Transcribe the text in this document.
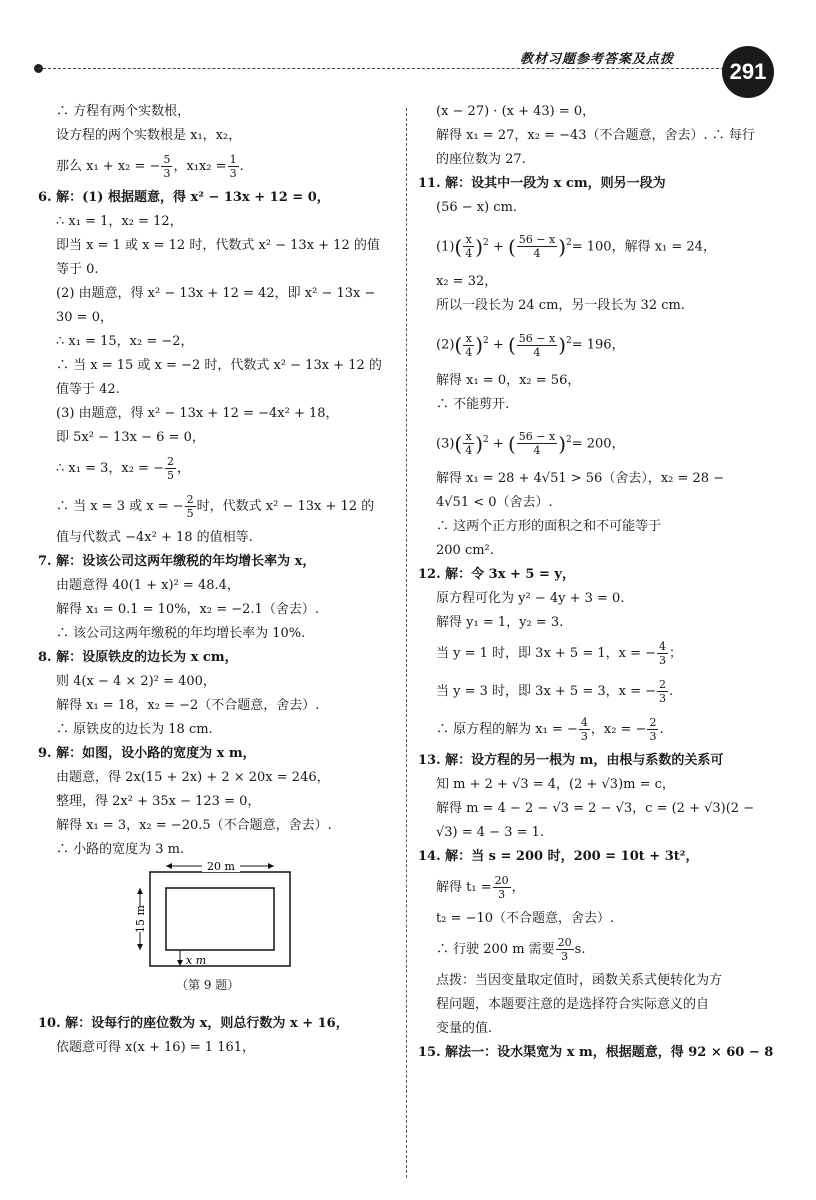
教材习题参考答案及点拨	291
∴ 方程有两个实数根，
设方程的两个实数根是 x₁，x₂，
那么 x₁ + x₂ = − $\frac{5}{3}$ ，$x_1x_2 = \frac{1}{3}$ .
6. 解：(1) 根据题意，得 x² − 13x + 12 = 0，
∴ x₁ = 1，x₂ = 12，
即当 x = 1 或 x = 12 时，代数式 x² − 13x + 12 的值
等于 0.
(2) 由题意，得 x² − 13x + 12 = 42，即 x² − 13x −
30 = 0，
∴ x₁ = 15，x₂ = −2，
∴ 当 x = 15 或 x = −2 时，代数式 x² − 13x + 12 的
值等于 42.
(3) 由题意，得 x² − 13x + 12 = −4x² + 18，
即 5x² − 13x − 6 = 0，
∴ x₁ = 3，x₂ = − $\frac{2}{5}$ ，
∴ 当 x = 3 或 x = − $\frac{2}{5}$ 时，代数式 x² − 13x + 12 的
值与代数式 −4x² + 18 的值相等.
7. 解：设该公司这两年缴税的年均增长率为 x，
由题意得 40(1 + x)² = 48.4，
解得 x₁ = 0.1 = 10%，x₂ = −2.1（舍去）.
∴ 该公司这两年缴税的年均增长率为 10%.
8. 解：设原铁皮的边长为 x cm，
则 4(x − 4 × 2)² = 400，
解得 x₁ = 18，x₂ = −2（不合题意，舍去）.
∴ 原铁皮的边长为 18 cm.
9. 解：如图，设小路的宽度为 x m，
由题意，得 2x(15 + 2x) + 2 × 20x = 246，
整理，得 2x² + 35x − 123 = 0，
解得 x₁ = 3，x₂ = −20.5（不合题意，舍去）.
∴ 小路的宽度为 3 m.
20 m
15 m
x m
（第 9 题）
10. 解：设每行的座位数为 x，则总行数为 x + 16，
依题意可得 x(x + 16) = 1 161，
(x − 27) · (x + 43) = 0，
解得 x₁ = 27，x₂ = −43（不合题意，舍去）. ∴ 每行
的座位数为 27.
11. 解：设其中一段为 x cm，则另一段为
(56 − x) cm.
$(1)( \frac{x}{4} )^2$ + ( $\frac{56 - x}{4} )^2= 100$，解得 x₁ = 24，
x₂ = 32，
所以一段长为 24 cm，另一段长为 32 cm.
$(2)( \frac{x}{4} )^2$ + ( $\frac{56 - x}{4} )^2= 196$，
解得 x₁ = 0，x₂ = 56，
∴ 不能剪开.
$(3)( \frac{x}{4} )^2$ + ( $\frac{56 - x}{4} )^2= 200$，
解得 x₁ = 28 + 4√51 > 56（舍去），x₂ = 28 −
4√51 < 0（舍去）.
∴ 这两个正方形的面积之和不可能等于
200 cm².
12. 解：令 3x + 5 = y，
原方程可化为 y² − 4y + 3 = 0.
解得 y₁ = 1，y₂ = 3.
当 y = 1 时，即 3x + 5 = 1，x = − $\frac{4}{3}$ ；
当 y = 3 时，即 3x + 5 = 3，x = − $\frac{2}{3}$ .
∴ 原方程的解为 x₁ = − $\frac{4}{3}$ ，x₂ = − $\frac{2}{3}$ .
13. 解：设方程的另一根为 m，由根与系数的关系可
知 m + 2 + √3 = 4，(2 + √3)m = c，
解得 m = 4 − 2 − √3 = 2 − √3，c = (2 + √3)(2 −
√3) = 4 − 3 = 1.
14. 解：当 s = 200 时，200 = 10t + 3t²，
解得 $t_1 = \frac{20}{3}$ ，
t₂ = −10（不合题意，舍去）.
∴ 行驶 200 m 需要 $\frac{20}{3} s$.
点拨：当因变量取定值时，函数关系式便转化为方
程问题，本题要注意的是选择符合实际意义的自
变量的值.
15. 解法一：设水渠宽为 x m，根据题意，得 92 × 60 − 8
